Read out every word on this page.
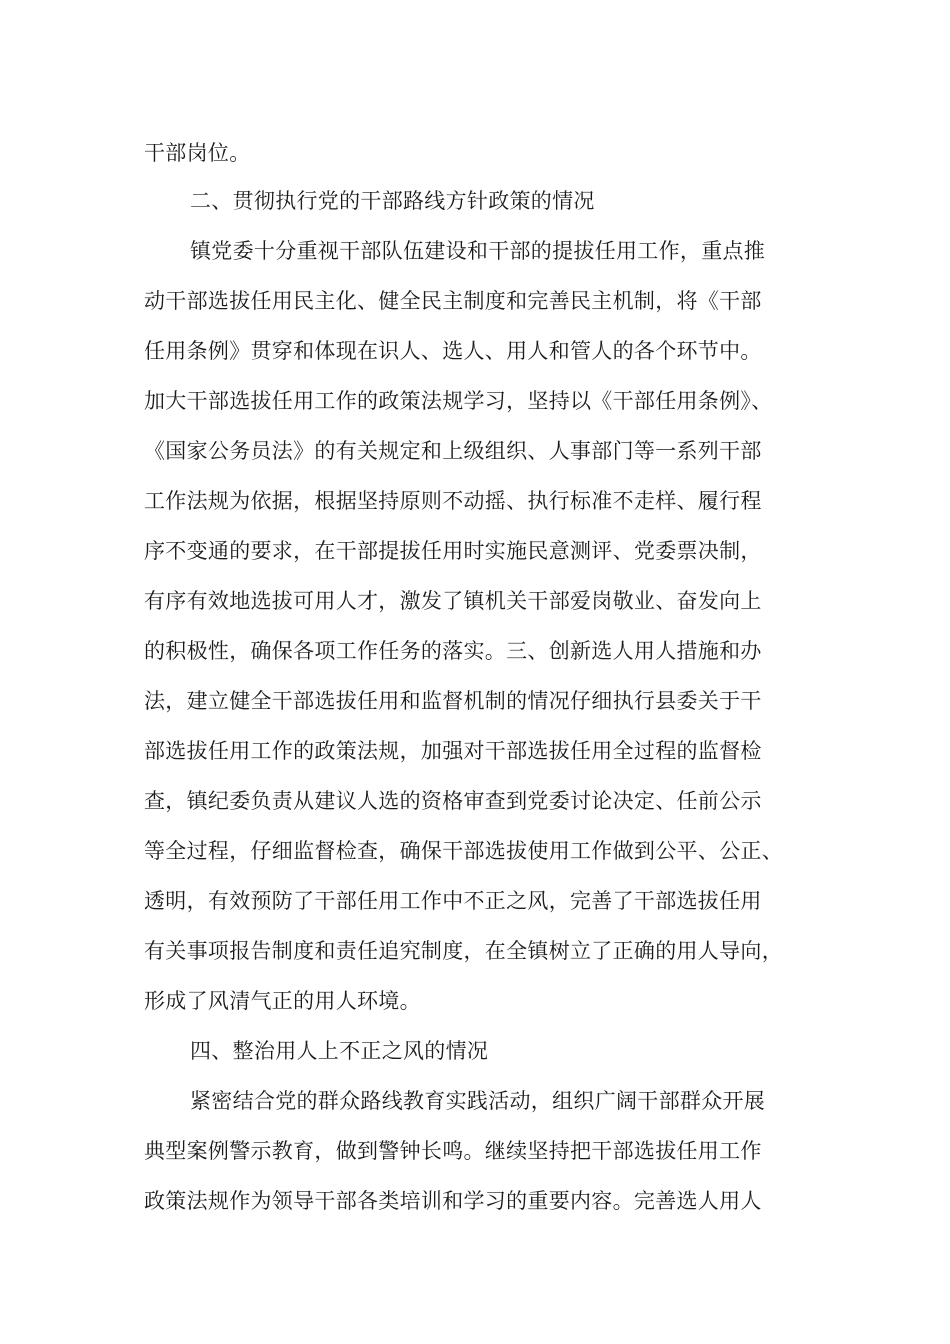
干部岗位。
二、贯彻执行党的干部路线方针政策的情况
镇党委十分重视干部队伍建设和干部的提拔任用工作，重点推
动干部选拔任用民主化、健全民主制度和完善民主机制，将《干部
任用条例》贯穿和体现在识人、选人、用人和管人的各个环节中。
加大干部选拔任用工作的政策法规学习，坚持以《干部任用条例》、
《国家公务员法》的有关规定和上级组织、人事部门等一系列干部
工作法规为依据，根据坚持原则不动摇、执行标准不走样、履行程
序不变通的要求，在干部提拔任用时实施民意测评、党委票决制，
有序有效地选拔可用人才，激发了镇机关干部爱岗敬业、奋发向上
的积极性，确保各项工作任务的落实。三、创新选人用人措施和办
法，建立健全干部选拔任用和监督机制的情况仔细执行县委关于干
部选拔任用工作的政策法规，加强对干部选拔任用全过程的监督检
查，镇纪委负责从建议人选的资格审查到党委讨论决定、任前公示
等全过程，仔细监督检查，确保干部选拔使用工作做到公平、公正、
透明，有效预防了干部任用工作中不正之风，完善了干部选拔任用
有关事项报告制度和责任追究制度，在全镇树立了正确的用人导向，
形成了风清气正的用人环境。
四、整治用人上不正之风的情况
紧密结合党的群众路线教育实践活动，组织广阔干部群众开展
典型案例警示教育，做到警钟长鸣。继续坚持把干部选拔任用工作
政策法规作为领导干部各类培训和学习的重要内容。完善选人用人
